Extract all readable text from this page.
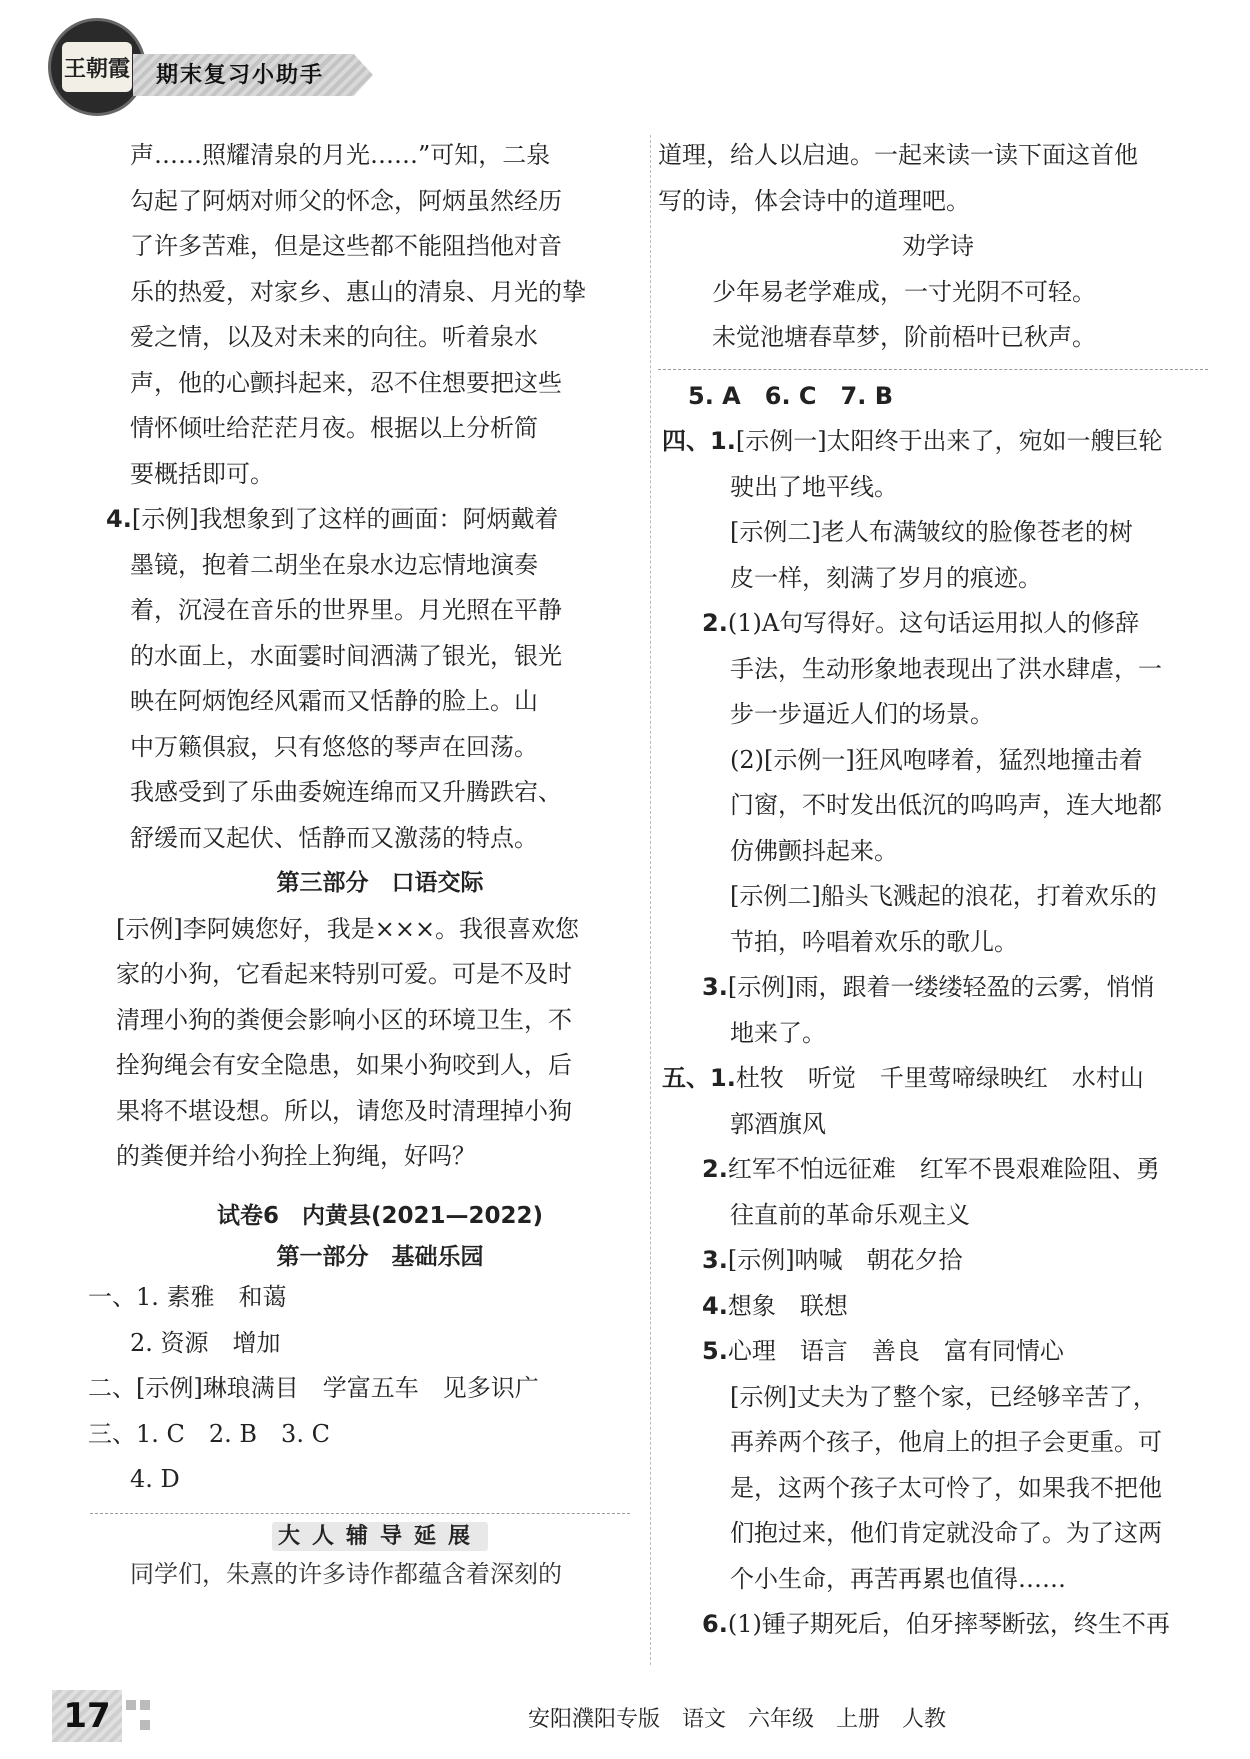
王朝霞 期末复习小助手

声……照耀清泉的月光……”可知，二泉

勾起了阿炳对师父的怀念，阿炳虽然经历

了许多苦难，但是这些都不能阻挡他对音

乐的热爱，对家乡、惠山的清泉、月光的挚

爱之情，以及对未来的向往。听着泉水

声，他的心颤抖起来，忍不住想要把这些

情怀倾吐给茫茫月夜。根据以上分析简

要概括即可。

4.[示例]我想象到了这样的画面：阿炳戴着

墨镜，抱着二胡坐在泉水边忘情地演奏

着，沉浸在音乐的世界里。月光照在平静

的水面上，水面霎时间洒满了银光，银光

映在阿炳饱经风霜而又恬静的脸上。山

中万籁俱寂，只有悠悠的琴声在回荡。

我感受到了乐曲委婉连绵而又升腾跌宕、

舒缓而又起伏、恬静而又激荡的特点。

第三部分　口语交际

[示例]李阿姨您好，我是×××。我很喜欢您

家的小狗，它看起来特别可爱。可是不及时

清理小狗的粪便会影响小区的环境卫生，不

拴狗绳会有安全隐患，如果小狗咬到人，后

果将不堪设想。所以，请您及时清理掉小狗

的粪便并给小狗拴上狗绳，好吗？

试卷6　内黄县(2021—2022)

第一部分　基础乐园

一、1. 素雅　和蔼

2. 资源　增加

二、[示例]琳琅满目　学富五车　见多识广

三、1. C　2. B　3. C

4. D

大人辅导延展

同学们，朱熹的许多诗作都蕴含着深刻的

道理，给人以启迪。一起来读一读下面这首他

写的诗，体会诗中的道理吧。

劝学诗

少年易老学难成，一寸光阴不可轻。

未觉池塘春草梦，阶前梧叶已秋声。

5. A　6. C　7. B

四、1.[示例一]太阳终于出来了，宛如一艘巨轮

驶出了地平线。

[示例二]老人布满皱纹的脸像苍老的树

皮一样，刻满了岁月的痕迹。

2.(1)A句写得好。这句话运用拟人的修辞

手法，生动形象地表现出了洪水肆虐，一

步一步逼近人们的场景。

(2)[示例一]狂风咆哮着，猛烈地撞击着

门窗，不时发出低沉的呜呜声，连大地都

仿佛颤抖起来。

[示例二]船头飞溅起的浪花，打着欢乐的

节拍，吟唱着欢乐的歌儿。

3.[示例]雨，跟着一缕缕轻盈的云雾，悄悄

地来了。

五、1.杜牧　听觉　千里莺啼绿映红　水村山

郭酒旗风

2.红军不怕远征难　红军不畏艰难险阻、勇

往直前的革命乐观主义

3.[示例]呐喊　朝花夕拾

4.想象　联想

5.心理　语言　善良　富有同情心

[示例]丈夫为了整个家，已经够辛苦了，

再养两个孩子，他肩上的担子会更重。可

是，这两个孩子太可怜了，如果我不把他

们抱过来，他们肯定就没命了。为了这两

个小生命，再苦再累也值得……

6.(1)锺子期死后，伯牙摔琴断弦，终生不再

17	安阳濮阳专版　语文　六年级　上册　人教
